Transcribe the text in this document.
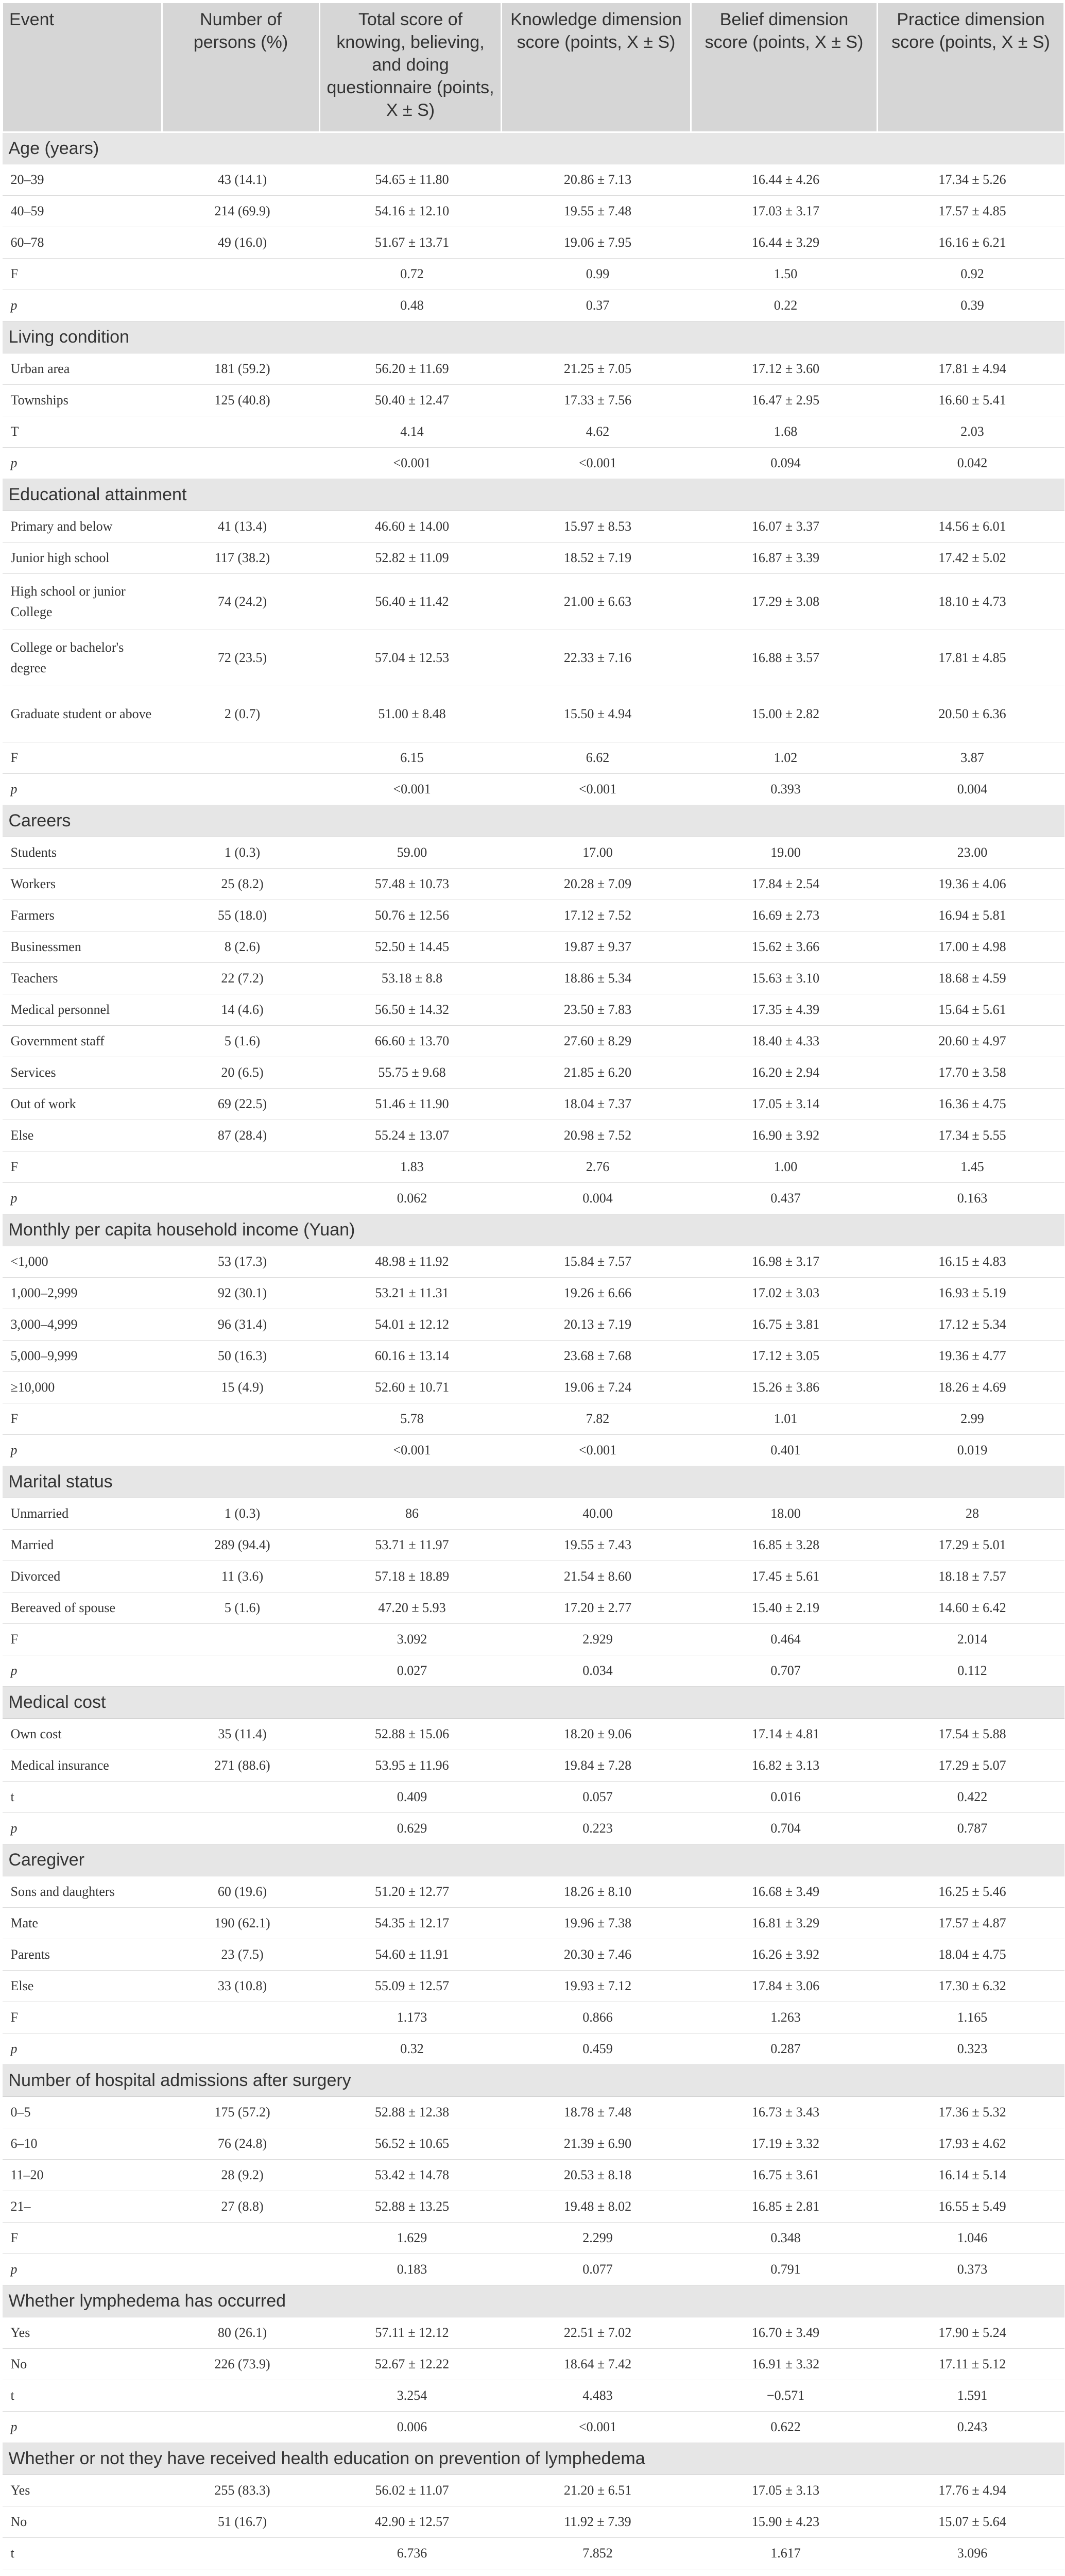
Event	Number of persons (%)	Total score of knowing, believing, and doing questionnaire (points, X ± S)	Knowledge dimension score (points, X ± S)	Belief dimension score (points, X ± S)	Practice dimension score (points, X ± S)
Age (years)					
20–39	43 (14.1)	54.65 ± 11.80	20.86 ± 7.13	16.44 ± 4.26	17.34 ± 5.26
40–59	214 (69.9)	54.16 ± 12.10	19.55 ± 7.48	17.03 ± 3.17	17.57 ± 4.85
60–78	49 (16.0)	51.67 ± 13.71	19.06 ± 7.95	16.44 ± 3.29	16.16 ± 6.21
F		0.72	0.99	1.50	0.92
p		0.48	0.37	0.22	0.39
Living condition					
Urban area	181 (59.2)	56.20 ± 11.69	21.25 ± 7.05	17.12 ± 3.60	17.81 ± 4.94
Townships	125 (40.8)	50.40 ± 12.47	17.33 ± 7.56	16.47 ± 2.95	16.60 ± 5.41
T		4.14	4.62	1.68	2.03
p		<0.001	<0.001	0.094	0.042
Educational attainment					
Primary and below	41 (13.4)	46.60 ± 14.00	15.97 ± 8.53	16.07 ± 3.37	14.56 ± 6.01
Junior high school	117 (38.2)	52.82 ± 11.09	18.52 ± 7.19	16.87 ± 3.39	17.42 ± 5.02
High school or junior College	74 (24.2)	56.40 ± 11.42	21.00 ± 6.63	17.29 ± 3.08	18.10 ± 4.73
College or bachelor's degree	72 (23.5)	57.04 ± 12.53	22.33 ± 7.16	16.88 ± 3.57	17.81 ± 4.85
Graduate student or above	2 (0.7)	51.00 ± 8.48	15.50 ± 4.94	15.00 ± 2.82	20.50 ± 6.36
F		6.15	6.62	1.02	3.87
p		<0.001	<0.001	0.393	0.004
Careers					
Students	1 (0.3)	59.00	17.00	19.00	23.00
Workers	25 (8.2)	57.48 ± 10.73	20.28 ± 7.09	17.84 ± 2.54	19.36 ± 4.06
Farmers	55 (18.0)	50.76 ± 12.56	17.12 ± 7.52	16.69 ± 2.73	16.94 ± 5.81
Businessmen	8 (2.6)	52.50 ± 14.45	19.87 ± 9.37	15.62 ± 3.66	17.00 ± 4.98
Teachers	22 (7.2)	53.18 ± 8.8	18.86 ± 5.34	15.63 ± 3.10	18.68 ± 4.59
Medical personnel	14 (4.6)	56.50 ± 14.32	23.50 ± 7.83	17.35 ± 4.39	15.64 ± 5.61
Government staff	5 (1.6)	66.60 ± 13.70	27.60 ± 8.29	18.40 ± 4.33	20.60 ± 4.97
Services	20 (6.5)	55.75 ± 9.68	21.85 ± 6.20	16.20 ± 2.94	17.70 ± 3.58
Out of work	69 (22.5)	51.46 ± 11.90	18.04 ± 7.37	17.05 ± 3.14	16.36 ± 4.75
Else	87 (28.4)	55.24 ± 13.07	20.98 ± 7.52	16.90 ± 3.92	17.34 ± 5.55
F		1.83	2.76	1.00	1.45
p		0.062	0.004	0.437	0.163
Monthly per capita household income (Yuan)					
<1,000	53 (17.3)	48.98 ± 11.92	15.84 ± 7.57	16.98 ± 3.17	16.15 ± 4.83
1,000–2,999	92 (30.1)	53.21 ± 11.31	19.26 ± 6.66	17.02 ± 3.03	16.93 ± 5.19
3,000–4,999	96 (31.4)	54.01 ± 12.12	20.13 ± 7.19	16.75 ± 3.81	17.12 ± 5.34
5,000–9,999	50 (16.3)	60.16 ± 13.14	23.68 ± 7.68	17.12 ± 3.05	19.36 ± 4.77
≥10,000	15 (4.9)	52.60 ± 10.71	19.06 ± 7.24	15.26 ± 3.86	18.26 ± 4.69
F		5.78	7.82	1.01	2.99
p		<0.001	<0.001	0.401	0.019
Marital status					
Unmarried	1 (0.3)	86	40.00	18.00	28
Married	289 (94.4)	53.71 ± 11.97	19.55 ± 7.43	16.85 ± 3.28	17.29 ± 5.01
Divorced	11 (3.6)	57.18 ± 18.89	21.54 ± 8.60	17.45 ± 5.61	18.18 ± 7.57
Bereaved of spouse	5 (1.6)	47.20 ± 5.93	17.20 ± 2.77	15.40 ± 2.19	14.60 ± 6.42
F		3.092	2.929	0.464	2.014
p		0.027	0.034	0.707	0.112
Medical cost					
Own cost	35 (11.4)	52.88 ± 15.06	18.20 ± 9.06	17.14 ± 4.81	17.54 ± 5.88
Medical insurance	271 (88.6)	53.95 ± 11.96	19.84 ± 7.28	16.82 ± 3.13	17.29 ± 5.07
t		0.409	0.057	0.016	0.422
p		0.629	0.223	0.704	0.787
Caregiver					
Sons and daughters	60 (19.6)	51.20 ± 12.77	18.26 ± 8.10	16.68 ± 3.49	16.25 ± 5.46
Mate	190 (62.1)	54.35 ± 12.17	19.96 ± 7.38	16.81 ± 3.29	17.57 ± 4.87
Parents	23 (7.5)	54.60 ± 11.91	20.30 ± 7.46	16.26 ± 3.92	18.04 ± 4.75
Else	33 (10.8)	55.09 ± 12.57	19.93 ± 7.12	17.84 ± 3.06	17.30 ± 6.32
F		1.173	0.866	1.263	1.165
p		0.32	0.459	0.287	0.323
Number of hospital admissions after surgery					
0–5	175 (57.2)	52.88 ± 12.38	18.78 ± 7.48	16.73 ± 3.43	17.36 ± 5.32
6–10	76 (24.8)	56.52 ± 10.65	21.39 ± 6.90	17.19 ± 3.32	17.93 ± 4.62
11–20	28 (9.2)	53.42 ± 14.78	20.53 ± 8.18	16.75 ± 3.61	16.14 ± 5.14
21–	27 (8.8)	52.88 ± 13.25	19.48 ± 8.02	16.85 ± 2.81	16.55 ± 5.49
F		1.629	2.299	0.348	1.046
p		0.183	0.077	0.791	0.373
Whether lymphedema has occurred					
Yes	80 (26.1)	57.11 ± 12.12	22.51 ± 7.02	16.70 ± 3.49	17.90 ± 5.24
No	226 (73.9)	52.67 ± 12.22	18.64 ± 7.42	16.91 ± 3.32	17.11 ± 5.12
t		3.254	4.483	−0.571	1.591
p		0.006	<0.001	0.622	0.243
Whether or not they have received health education on prevention of lymphedema					
Yes	255 (83.3)	56.02 ± 11.07	21.20 ± 6.51	17.05 ± 3.13	17.76 ± 4.94
No	51 (16.7)	42.90 ± 12.57	11.92 ± 7.39	15.90 ± 4.23	15.07 ± 5.64
t		6.736	7.852	1.617	3.096
